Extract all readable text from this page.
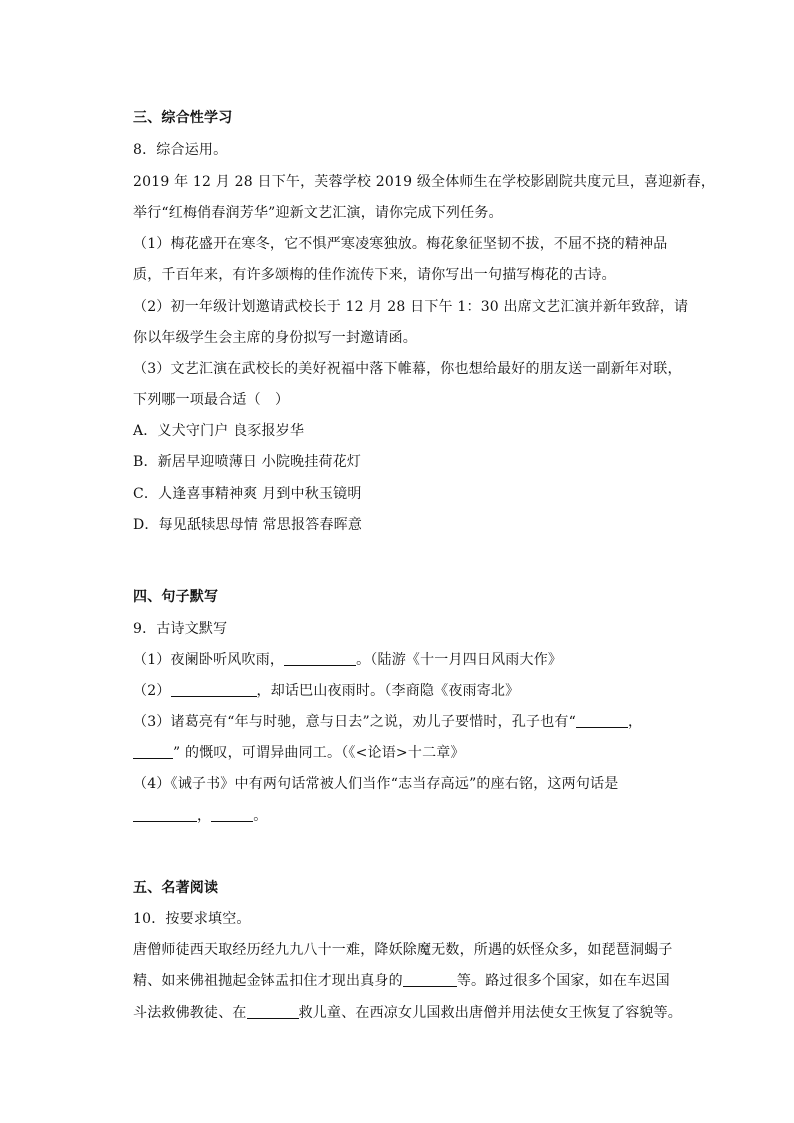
三、综合性学习
8．综合运用。
2019 年 12 月 28 日下午，芙蓉学校 2019 级全体师生在学校影剧院共度元旦，喜迎新春，
举行“红梅俏春润芳华”迎新文艺汇演，请你完成下列任务。
（1）梅花盛开在寒冬，它不惧严寒凌寒独放。梅花象征坚韧不拔，不屈不挠的精神品
质，千百年来，有许多颂梅的佳作流传下来，请你写出一句描写梅花的古诗。
（2）初一年级计划邀请武校长于 12 月 28 日下午 1：30 出席文艺汇演并新年致辞，请
你以年级学生会主席的身份拟写一封邀请函。
（3）文艺汇演在武校长的美好祝福中落下帷幕，你也想给最好的朋友送一副新年对联，
下列哪一项最合适（　）
A．义犬守门户 良豕报岁华
B．新居早迎喷薄日 小院晚挂荷花灯
C．人逢喜事精神爽 月到中秋玉镜明
D．每见舐犊思母情 常思报答春晖意
四、句子默写
9．古诗文默写
（1）夜阑卧听风吹雨，	。（陆游《十一月四日风雨大作》
（2）	，却话巴山夜雨时。（李商隐《夜雨寄北》
（3）诸葛亮有“年与时驰，意与日去”之说，劝儿子要惜时，孔子也有“	，
” 的慨叹，可谓异曲同工。（《<论语>十二章》
（4）《诫子书》中有两句话常被人们当作“志当存高远”的座右铭，这两句话是
，	。
五、名著阅读
10．按要求填空。
唐僧师徒西天取经历经九九八十一难，降妖除魔无数，所遇的妖怪众多，如琵琶洞蝎子
精、如来佛祖抛起金钵盂扣住才现出真身的	等。路过很多个国家，如在车迟国
斗法救佛教徒、在	救儿童、在西凉女儿国救出唐僧并用法使女王恢复了容貌等。
